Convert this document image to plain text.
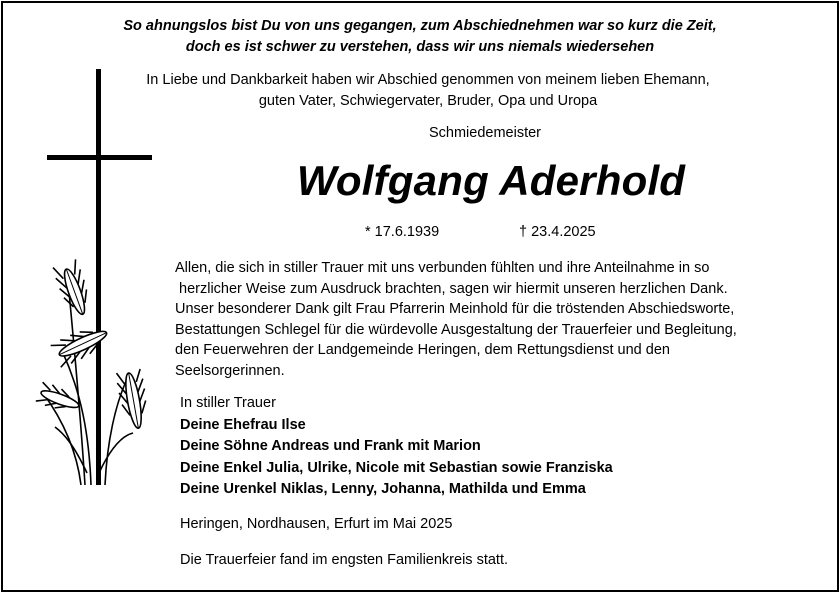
So ahnungslos bist Du von uns gegangen, zum Abschiednehmen war so kurz die Zeit,
doch es ist schwer zu verstehen, dass wir uns niemals wiedersehen
In Liebe und Dankbarkeit haben wir Abschied genommen von meinem lieben Ehemann,
guten Vater, Schwiegervater, Bruder, Opa und Uropa
Schmiedemeister
Wolfgang Aderhold
* 17.6.1939	† 23.4.2025
Allen, die sich in stiller Trauer mit uns verbunden fühlten und ihre Anteilnahme in so
herzlicher Weise zum Ausdruck brachten, sagen wir hiermit unseren herzlichen Dank.
Unser besonderer Dank gilt Frau Pfarrerin Meinhold für die tröstenden Abschiedsworte,
Bestattungen Schlegel für die würdevolle Ausgestaltung der Trauerfeier und Begleitung,
den Feuerwehren der Landgemeinde Heringen, dem Rettungsdienst und den
Seelsorgerinnen.
In stiller Trauer
Deine Ehefrau Ilse
Deine Söhne Andreas und Frank mit Marion
Deine Enkel Julia, Ulrike, Nicole mit Sebastian sowie Franziska
Deine Urenkel Niklas, Lenny, Johanna, Mathilda und Emma
Heringen, Nordhausen, Erfurt im Mai 2025
Die Trauerfeier fand im engsten Familienkreis statt.
